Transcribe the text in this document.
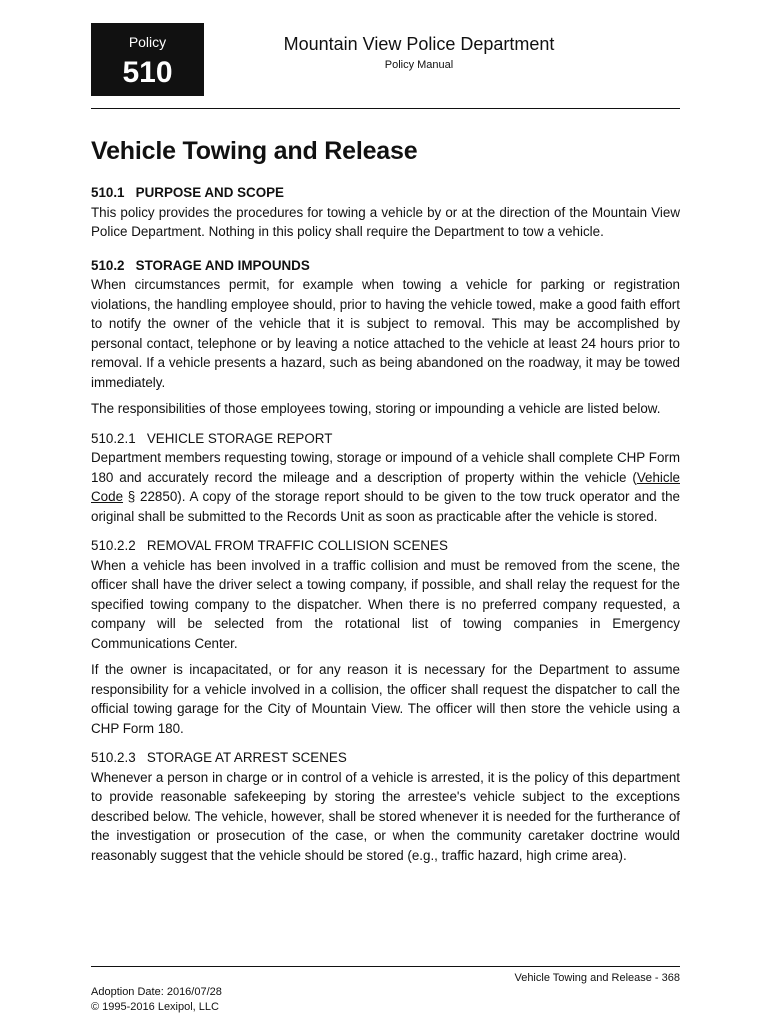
Policy
510
Mountain View Police Department
Policy Manual
Vehicle Towing and Release
510.1   PURPOSE AND SCOPE

This policy provides the procedures for towing a vehicle by or at the direction of the Mountain View Police Department. Nothing in this policy shall require the Department to tow a vehicle.

510.2   STORAGE AND IMPOUNDS

When circumstances permit, for example when towing a vehicle for parking or registration violations, the handling employee should, prior to having the vehicle towed, make a good faith effort to notify the owner of the vehicle that it is subject to removal. This may be accomplished by personal contact, telephone or by leaving a notice attached to the vehicle at least 24 hours prior to removal. If a vehicle presents a hazard, such as being abandoned on the roadway, it may be towed immediately.

The responsibilities of those employees towing, storing or impounding a vehicle are listed below.

510.2.1   VEHICLE STORAGE REPORT

Department members requesting towing, storage or impound of a vehicle shall complete CHP Form 180 and accurately record the mileage and a description of property within the vehicle (Vehicle Code § 22850). A copy of the storage report should to be given to the tow truck operator and the original shall be submitted to the Records Unit as soon as practicable after the vehicle is stored.

510.2.2   REMOVAL FROM TRAFFIC COLLISION SCENES

When a vehicle has been involved in a traffic collision and must be removed from the scene, the officer shall have the driver select a towing company, if possible, and shall relay the request for the specified towing company to the dispatcher. When there is no preferred company requested, a company will be selected from the rotational list of towing companies in Emergency Communications Center.

If the owner is incapacitated, or for any reason it is necessary for the Department to assume responsibility for a vehicle involved in a collision, the officer shall request the dispatcher to call the official towing garage for the City of Mountain View. The officer will then store the vehicle using a CHP Form 180.

510.2.3   STORAGE AT ARREST SCENES

Whenever a person in charge or in control of a vehicle is arrested, it is the policy of this department to provide reasonable safekeeping by storing the arrestee's vehicle subject to the exceptions described below. The vehicle, however, shall be stored whenever it is needed for the furtherance of the investigation or prosecution of the case, or when the community caretaker doctrine would reasonably suggest that the vehicle should be stored (e.g., traffic hazard, high crime area).

Vehicle Towing and Release - 368
Adoption Date: 2016/07/28
© 1995-2016 Lexipol, LLC
